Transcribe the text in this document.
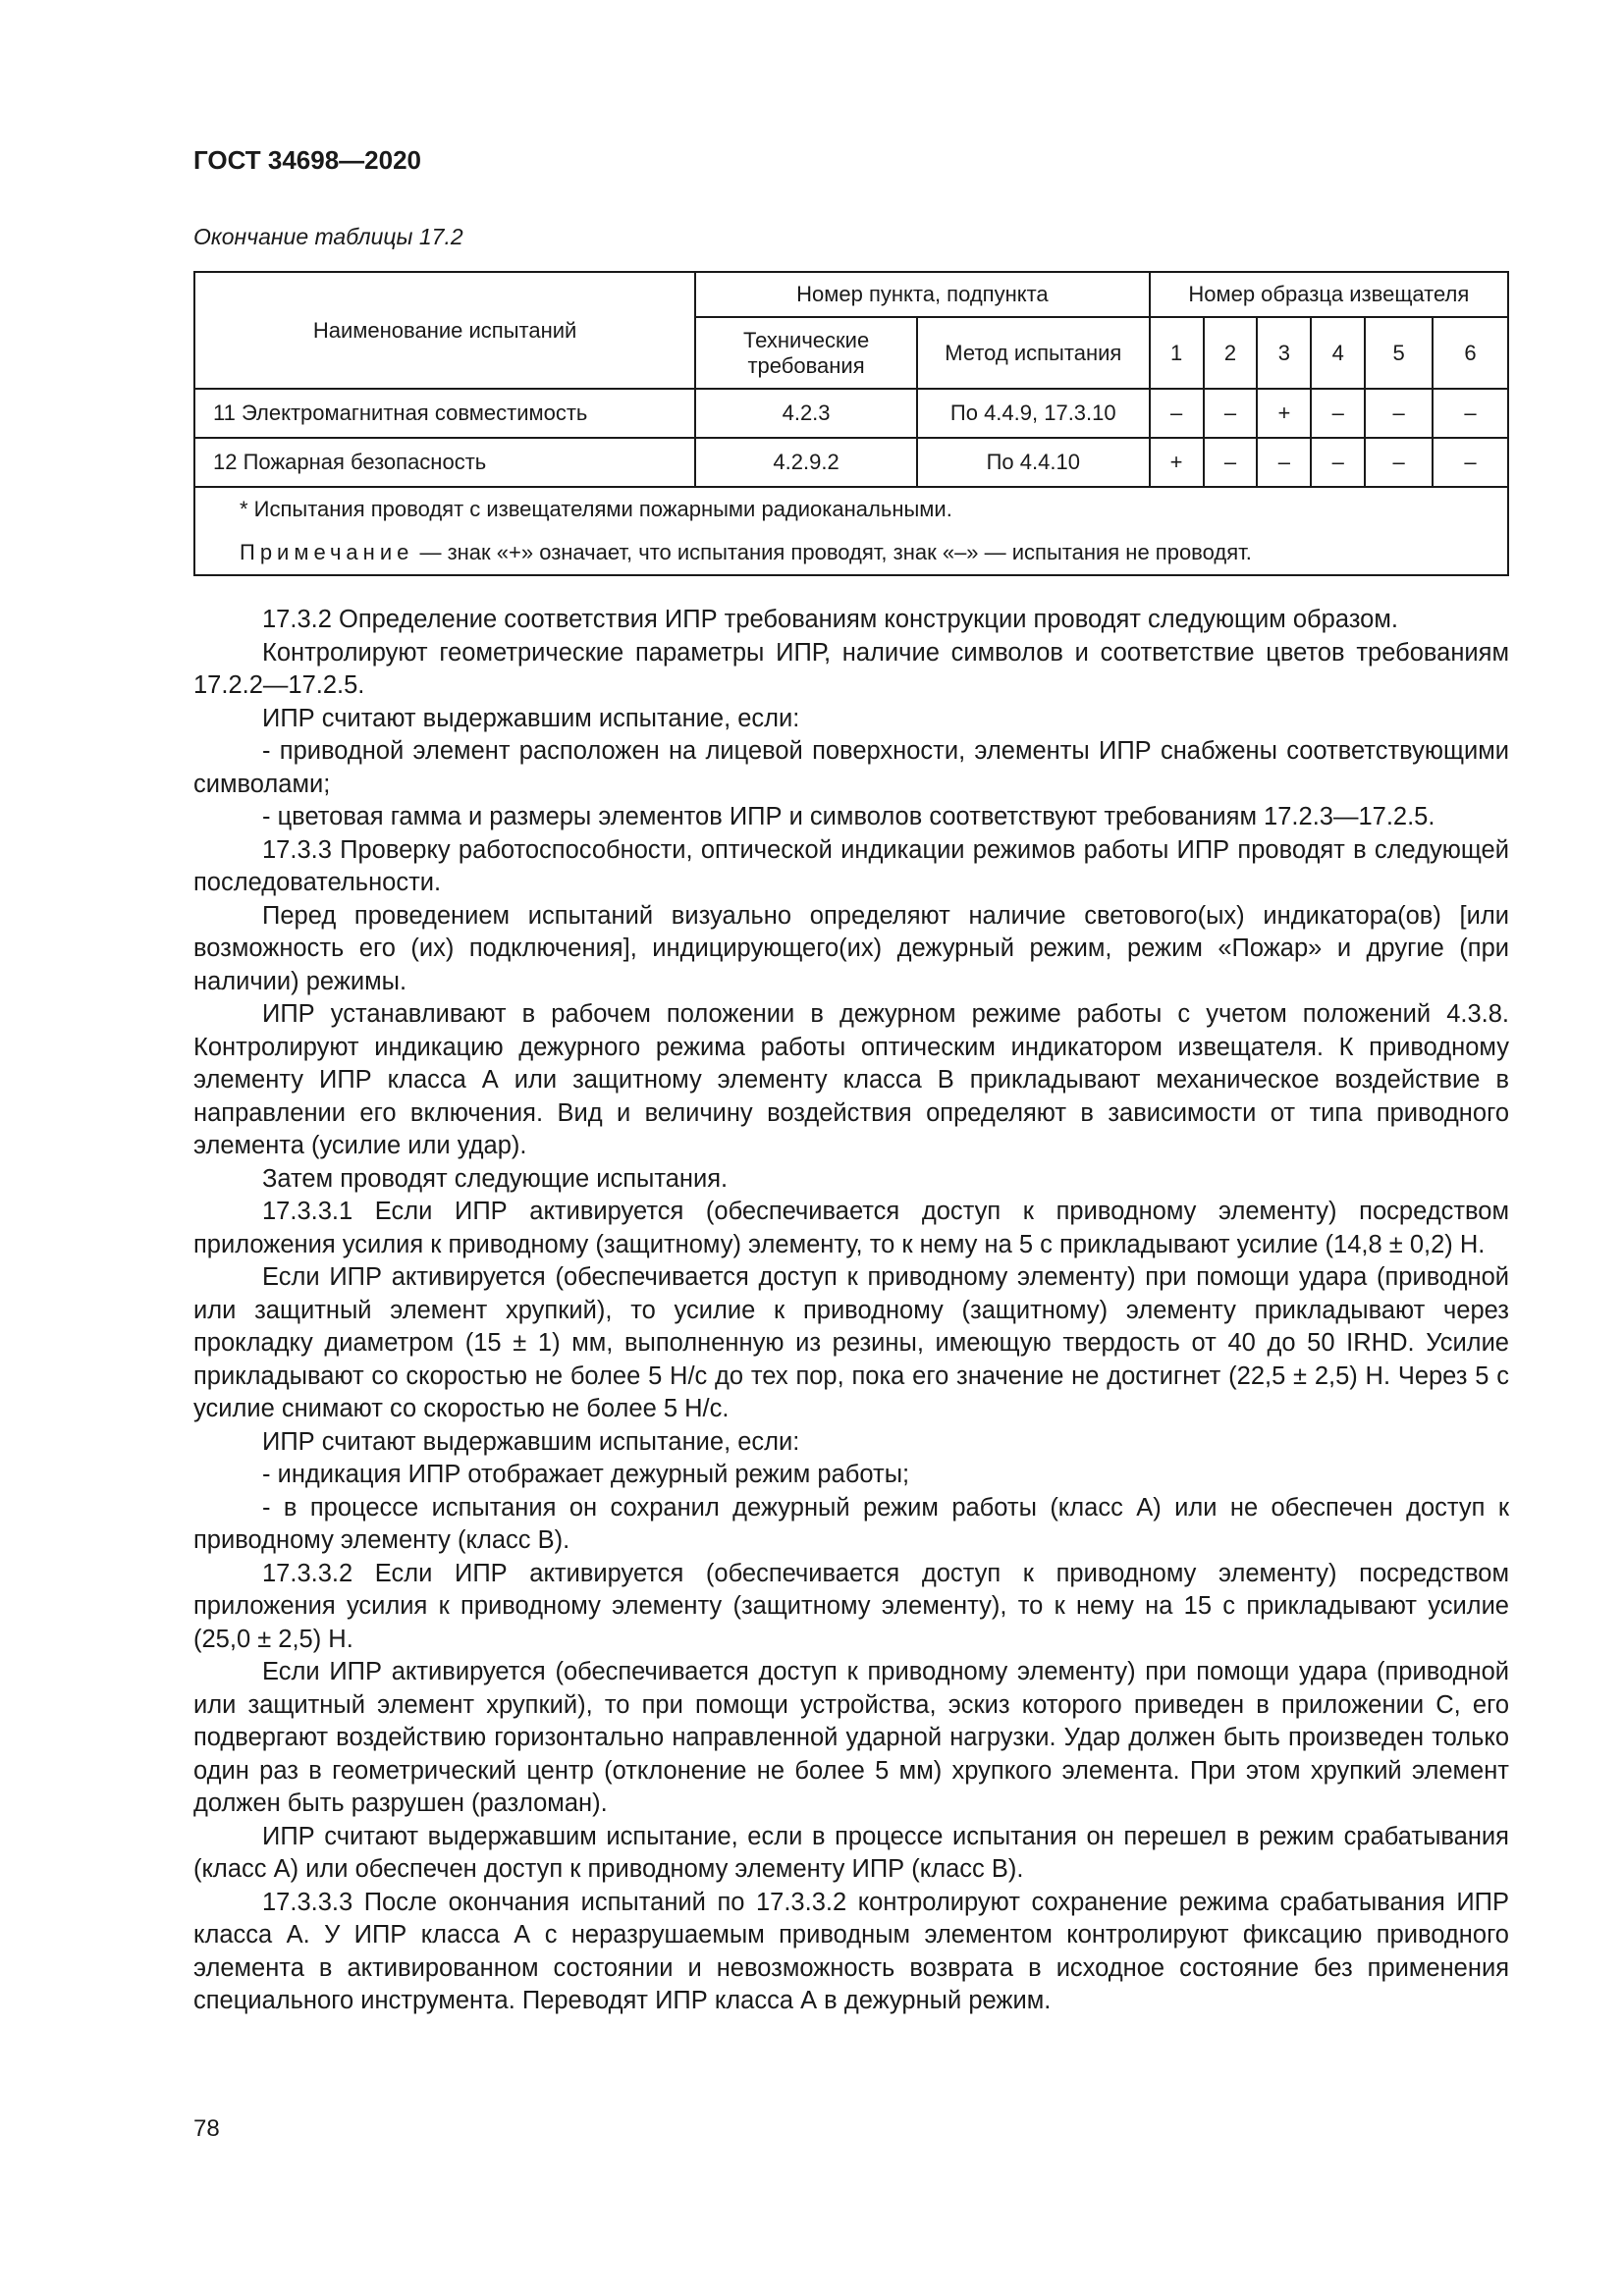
ГОСТ 34698—2020
Окончание таблицы 17.2
Наименование испытаний	Номер пункта, подпункта		Номер образца извещателя					
	Технические требования	Метод испытания	1	2	3	4	5	6
11 Электромагнитная совместимость	4.2.3	По 4.4.9, 17.3.10	–	–	+	–	–	–
12 Пожарная безопасность	4.2.9.2	По 4.4.10	+	–	–	–	–	–

* Испытания проводят с извещателями пожарными радиоканальными.
Примечание — знак «+» означает, что испытания проводят, знак «–» — испытания не проводят.								

17.3.2 Определение соответствия ИПР требованиям конструкции проводят следующим образом.

Контролируют геометрические параметры ИПР, наличие символов и соответствие цветов требованиям 17.2.2—17.2.5.

ИПР считают выдержавшим испытание, если:

- приводной элемент расположен на лицевой поверхности, элементы ИПР снабжены соответствующими символами;

- цветовая гамма и размеры элементов ИПР и символов соответствуют требованиям 17.2.3—17.2.5.

17.3.3 Проверку работоспособности, оптической индикации режимов работы ИПР проводят в следующей последовательности.

Перед проведением испытаний визуально определяют наличие светового(ых) индикатора(ов) [или возможность его (их) подключения], индицирующего(их) дежурный режим, режим «Пожар» и другие (при наличии) режимы.

ИПР устанавливают в рабочем положении в дежурном режиме работы с учетом положений 4.3.8. Контролируют индикацию дежурного режима работы оптическим индикатором извещателя. К приводному элементу ИПР класса А или защитному элементу класса В прикладывают механическое воздействие в направлении его включения. Вид и величину воздействия определяют в зависимости от типа приводного элемента (усилие или удар).

Затем проводят следующие испытания.

17.3.3.1 Если ИПР активируется (обеспечивается доступ к приводному элементу) посредством приложения усилия к приводному (защитному) элементу, то к нему на 5 с прикладывают усилие (14,8 ± 0,2) Н.

Если ИПР активируется (обеспечивается доступ к приводному элементу) при помощи удара (приводной или защитный элемент хрупкий), то усилие к приводному (защитному) элементу прикладывают через прокладку диаметром (15 ± 1) мм, выполненную из резины, имеющую твердость от 40 до 50 IRHD. Усилие прикладывают со скоростью не более 5 Н/с до тех пор, пока его значение не достигнет (22,5 ± 2,5) Н. Через 5 с усилие снимают со скоростью не более 5 Н/с.

ИПР считают выдержавшим испытание, если:

- индикация ИПР отображает дежурный режим работы;

- в процессе испытания он сохранил дежурный режим работы (класс А) или не обеспечен доступ к приводному элементу (класс В).

17.3.3.2 Если ИПР активируется (обеспечивается доступ к приводному элементу) посредством приложения усилия к приводному элементу (защитному элементу), то к нему на 15 с прикладывают усилие (25,0 ± 2,5) Н.

Если ИПР активируется (обеспечивается доступ к приводному элементу) при помощи удара (приводной или защитный элемент хрупкий), то при помощи устройства, эскиз которого приведен в приложении С, его подвергают воздействию горизонтально направленной ударной нагрузки. Удар должен быть произведен только один раз в геометрический центр (отклонение не более 5 мм) хрупкого элемента. При этом хрупкий элемент должен быть разрушен (разломан).

ИПР считают выдержавшим испытание, если в процессе испытания он перешел в режим срабатывания (класс А) или обеспечен доступ к приводному элементу ИПР (класс В).

17.3.3.3 После окончания испытаний по 17.3.3.2 контролируют сохранение режима срабатывания ИПР класса А. У ИПР класса А с неразрушаемым приводным элементом контролируют фиксацию приводного элемента в активированном состоянии и невозможность возврата в исходное состояние без применения специального инструмента. Переводят ИПР класса А в дежурный режим.

78
